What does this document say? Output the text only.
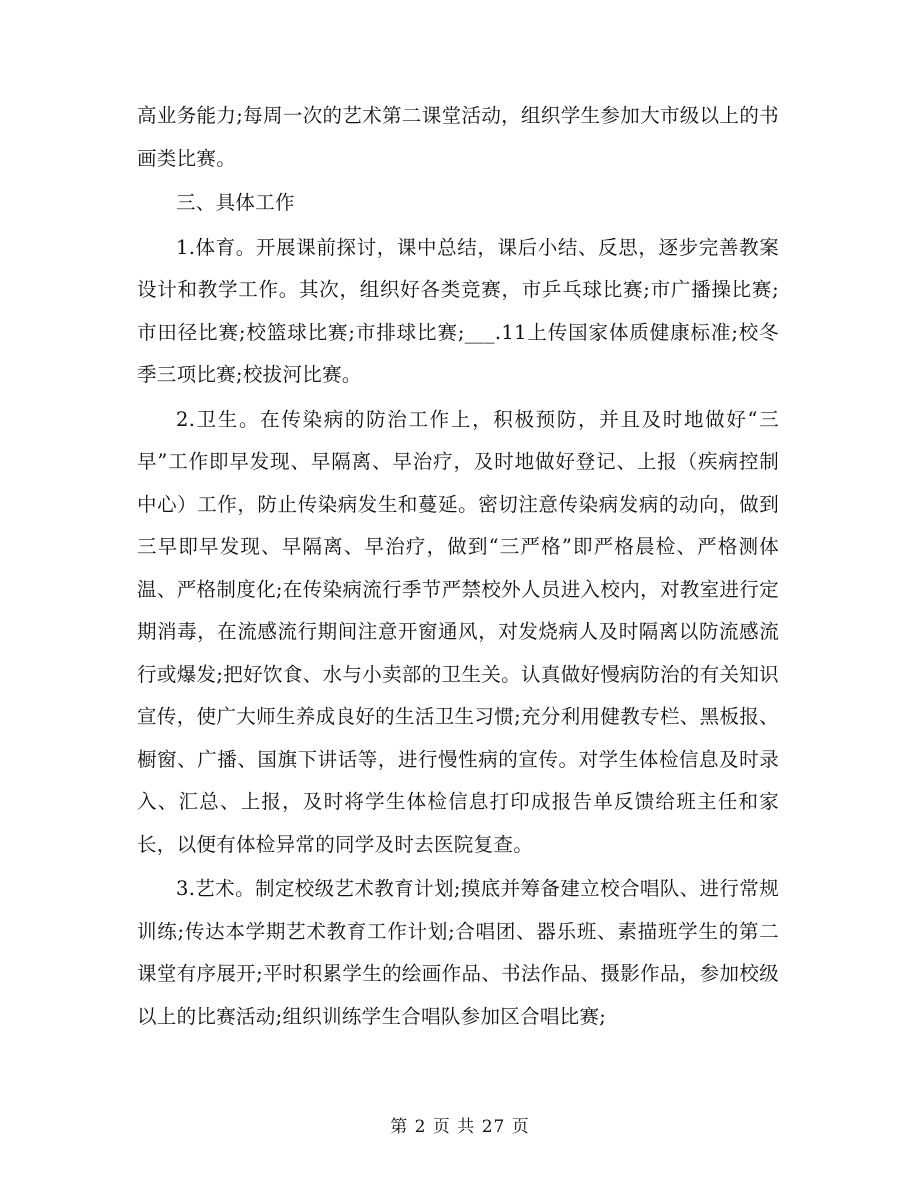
高业务能力;每周一次的艺术第二课堂活动，组织学生参加大市级以上的书画类比赛。

三、具体工作

1.体育。开展课前探讨，课中总结，课后小结、反思，逐步完善教案设计和教学工作。其次，组织好各类竞赛，市乒乓球比赛;市广播操比赛;市田径比赛;校篮球比赛;市排球比赛;___.11上传国家体质健康标准;校冬季三项比赛;校拔河比赛。

2.卫生。在传染病的防治工作上，积极预防，并且及时地做好“三早”工作即早发现、早隔离、早治疗，及时地做好登记、上报（疾病控制中心）工作，防止传染病发生和蔓延。密切注意传染病发病的动向，做到三早即早发现、早隔离、早治疗，做到“三严格”即严格晨检、严格测体温、严格制度化;在传染病流行季节严禁校外人员进入校内，对教室进行定期消毒，在流感流行期间注意开窗通风，对发烧病人及时隔离以防流感流行或爆发;把好饮食、水与小卖部的卫生关。认真做好慢病防治的有关知识宣传，使广大师生养成良好的生活卫生习惯;充分利用健教专栏、黑板报、橱窗、广播、国旗下讲话等，进行慢性病的宣传。对学生体检信息及时录入、汇总、上报，及时将学生体检信息打印成报告单反馈给班主任和家长，以便有体检异常的同学及时去医院复查。

3.艺术。制定校级艺术教育计划;摸底并筹备建立校合唱队、进行常规训练;传达本学期艺术教育工作计划;合唱团、器乐班、素描班学生的第二课堂有序展开;平时积累学生的绘画作品、书法作品、摄影作品，参加校级以上的比赛活动;组织训练学生合唱队参加区合唱比赛;

第 2 页 共 27 页
